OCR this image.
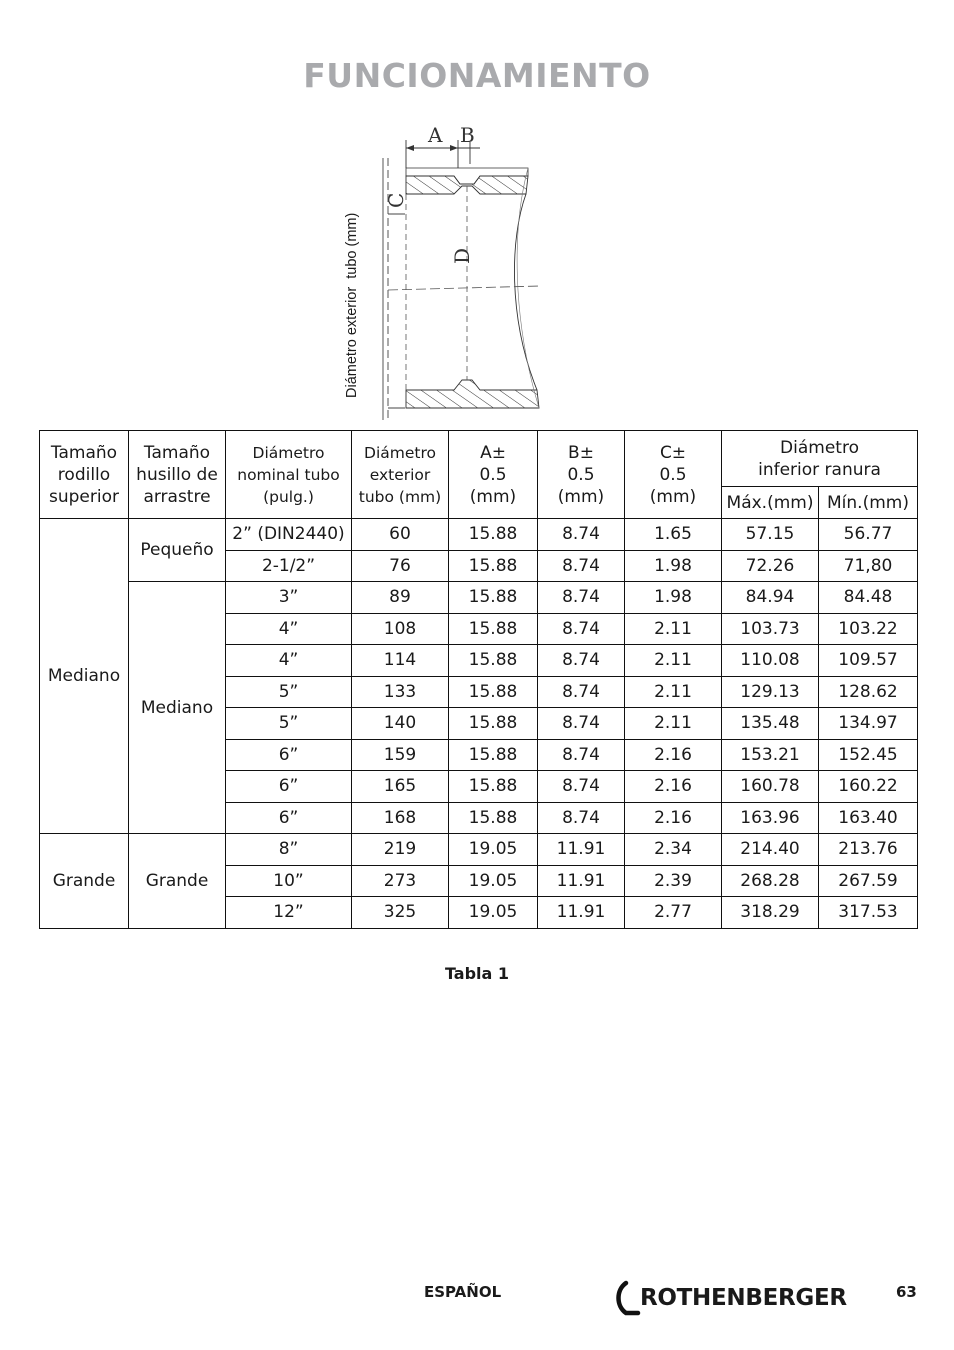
FUNCIONAMIENTO
A B
C
D
Diámetro exterior  tubo (mm)
Tamaño
rodillo
superior	Tamaño
husillo de
arrastre	Diámetro
nominal tubo
(pulg.)	Diámetro
exterior
tubo (mm)	A±
0.5
(mm)	B±
0.5
(mm)	C±
0.5
(mm)	Diámetro
inferior ranura	
							Máx.(mm)	Mín.(mm)
Mediano	Pequeño	2” (DIN2440)	60	15.88	8.74	1.65	57.15	56.77
		2-1/2”	76	15.88	8.74	1.98	72.26	71,80
	Mediano	3”	89	15.88	8.74	1.98	84.94	84.48
		4”	108	15.88	8.74	2.11	103.73	103.22
		4”	114	15.88	8.74	2.11	110.08	109.57
		5”	133	15.88	8.74	2.11	129.13	128.62
		5”	140	15.88	8.74	2.11	135.48	134.97
		6”	159	15.88	8.74	2.16	153.21	152.45
		6”	165	15.88	8.74	2.16	160.78	160.22
		6”	168	15.88	8.74	2.16	163.96	163.40
Grande	Grande	8”	219	19.05	11.91	2.34	214.40	213.76
		10”	273	19.05	11.91	2.39	268.28	267.59
		12”	325	19.05	11.91	2.77	318.29	317.53
Tabla 1
ESPAÑOL	ROTHENBERGER	63
